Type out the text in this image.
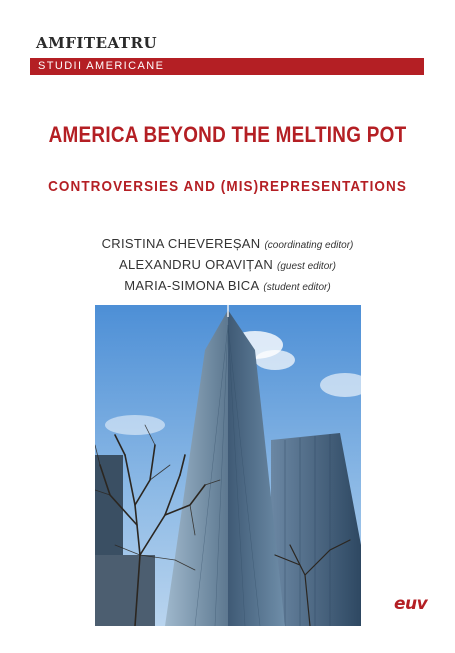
AMFITEATRU
STUDII AMERICANE
AMERICA BEYOND THE MELTING POT
CONTROVERSIES AND (MIS)REPRESENTATIONS
CRISTINA CHEVEREȘAN (coordinating editor)
ALEXANDRU ORAVIȚAN (guest editor)
MARIA-SIMONA BICA (student editor)
euv
